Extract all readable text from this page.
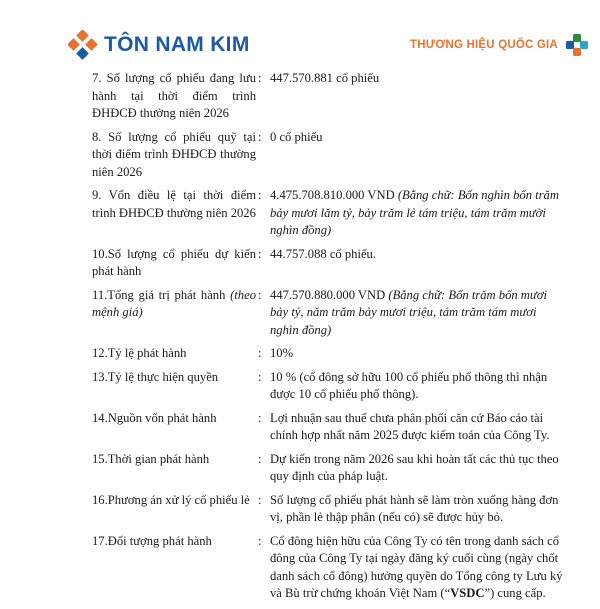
TÔN NAM KIM	THƯƠNG HIỆU QUỐC GIA
7. Số lượng cổ phiếu đang lưu hành tại thời điểm trình ĐHĐCĐ thường niên 2026
: 447.570.881 cổ phiếu
8. Số lượng cổ phiếu quỹ tại thời điểm trình ĐHĐCĐ thường niên 2026
: 0 cổ phiếu
9. Vốn điều lệ tại thời điểm trình ĐHĐCĐ thường niên 2026
: 4.475.708.810.000 VND (Bằng chữ: Bốn nghìn bốn trăm bảy mươi lăm tỷ, bảy trăm lẻ tám triệu, tám trăm mười nghìn đồng)
10.Số lượng cổ phiếu dự kiến phát hành
: 44.757.088 cổ phiếu.
11.Tổng giá trị phát hành (theo mệnh giá)
: 447.570.880.000 VND (Bằng chữ: Bốn trăm bốn mươi bảy tỷ, năm trăm bảy mươi triệu, tám trăm tám mươi nghìn đồng)
12.Tỷ lệ phát hành	: 10%
13.Tỷ lệ thực hiện quyền	: 10 % (cổ đông sở hữu 100 cổ phiếu phổ thông thì nhận được 10 cổ phiếu phổ thông).
14.Nguồn vốn phát hành	: Lợi nhuận sau thuế chưa phân phối căn cứ Báo cáo tài chính hợp nhất năm 2025 được kiểm toán của Công Ty.
15.Thời gian phát hành	: Dự kiến trong năm 2026 sau khi hoàn tất các thủ tục theo quy định của pháp luật.
16.Phương án xử lý cổ phiếu lẻ : Số lượng cổ phiếu phát hành sẽ làm tròn xuống hàng đơn vị, phần lẻ thập phân (nếu có) sẽ được hủy bỏ.
17.Đối tượng phát hành	: Cổ đông hiện hữu của Công Ty có tên trong danh sách cổ đông của Công Ty tại ngày đăng ký cuối cùng (ngày chốt danh sách cổ đông) hưởng quyền do Tổng công ty Lưu ký và Bù trừ chứng khoán Việt Nam (“VSDC”) cung cấp.
